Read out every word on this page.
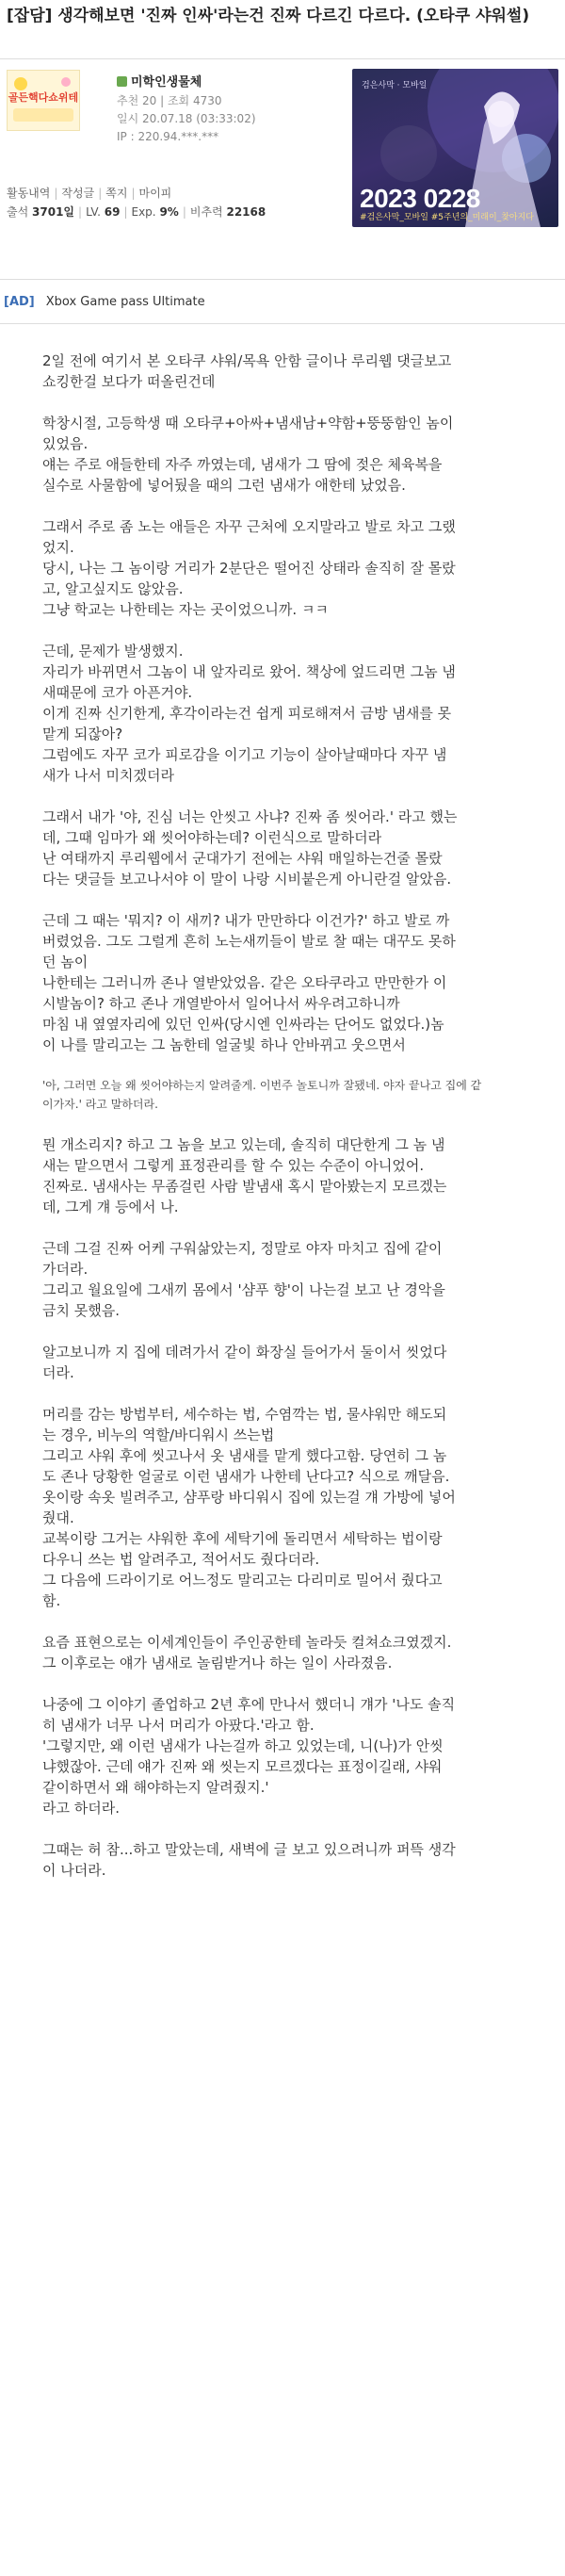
[잡담] 생각해보면 '진짜 인싸'라는건 진짜 다르긴 다르다. (오타쿠 샤워썰)
골든핵다쇼위테
미학인생물체
추천 20 | 조회 4730
일시 20.07.18 (03:33:02)
IP : 220.94.***.***
활동내역 | 작성글 | 쪽지 | 마이피
출석 3701일 | LV. 69 | Exp. 9% | 비추력 22168
검은사막 · 모바일
2023 0228
#검은사막_모바일 #5주년의_미래이_찾아지다
[AD] Xbox Game pass Ultimate

2일 전에 여기서 본 오타쿠 샤워/목욕 안함 글이나 루리웹 댓글보고
쇼킹한걸 보다가 떠올린건데

학창시절, 고등학생 때 오타쿠+아싸+냄새남+약함+뚱뚱함인 놈이
있었음.
얘는 주로 애들한테 자주 까였는데, 냄새가 그 땀에 젖은 체육복을
실수로 사물함에 넣어뒀을 때의 그런 냄새가 애한테 났었음.

그래서 주로 좀 노는 애들은 자꾸 근처에 오지말라고 발로 차고 그랬
었지.
당시, 나는 그 놈이랑 거리가 2분단은 떨어진 상태라 솔직히 잘 몰랐
고, 알고싶지도 않았음.
그냥 학교는 나한테는 자는 곳이었으니까. ㅋㅋ

근데, 문제가 발생했지.
자리가 바뀌면서 그놈이 내 앞자리로 왔어. 책상에 엎드리면 그놈 냄
새때문에 코가 아픈거야.
이게 진짜 신기한게, 후각이라는건 쉽게 피로해져서 금방 냄새를 못
맡게 되잖아?
그럼에도 자꾸 코가 피로감을 이기고 기능이 살아날때마다 자꾸 냄
새가 나서 미치겠더라

그래서 내가 '야, 진심 너는 안씻고 사냐? 진짜 좀 씻어라.' 라고 했는
데, 그때 임마가 왜 씻어야하는데? 이런식으로 말하더라
난 여태까지 루리웹에서 군대가기 전에는 샤워 매일하는건줄 몰랐
다는 댓글들 보고나서야 이 말이 나랑 시비붙은게 아니란걸 알았음.

근데 그 때는 '뭐지? 이 새끼? 내가 만만하다 이건가?' 하고 발로 까
버렸었음. 그도 그럴게 흔히 노는새끼들이 발로 찰 때는 대꾸도 못하
던 놈이
나한테는 그러니까 존나 열받았었음. 같은 오타쿠라고 만만한가 이
시발놈이? 하고 존나 개열받아서 일어나서 싸우려고하니까
마침 내 옆옆자리에 있던 인싸(당시엔 인싸라는 단어도 없었다.)놈
이 나를 말리고는 그 놈한테 얼굴빛 하나 안바뀌고 웃으면서

'아, 그러면 오늘 왜 씻어야하는지 알려줄게. 이번주 놀토니까 잘됐네. 야자 끝나고 집에 같
이가자.' 라고 말하더라.

뭔 개소리지? 하고 그 놈을 보고 있는데, 솔직히 대단한게 그 놈 냄
새는 맡으면서 그렇게 표정관리를 할 수 있는 수준이 아니었어.
진짜로. 냄새사는 무좀걸린 사람 발냄새 혹시 맡아봤는지 모르겠는
데, 그게 걔 등에서 나.

근데 그걸 진짜 어케 구워삶았는지, 정말로 야자 마치고 집에 같이
가더라.
그리고 월요일에 그새끼 몸에서 '샴푸 향'이 나는걸 보고 난 경악을
금치 못했음.

알고보니까 지 집에 데려가서 같이 화장실 들어가서 둘이서 씻었다
더라.

머리를 감는 방법부터, 세수하는 법, 수염깍는 법, 물샤워만 해도되
는 경우, 비누의 역할/바디워시 쓰는법
그리고 샤워 후에 씻고나서 옷 냄새를 맡게 했다고함. 당연히 그 놈
도 존나 당황한 얼굴로 이런 냄새가 나한테 난다고? 식으로 깨달음.
옷이랑 속옷 빌려주고, 샴푸랑 바디워시 집에 있는걸 걔 가방에 넣어
줬대.
교복이랑 그거는 샤워한 후에 세탁기에 돌리면서 세탁하는 법이랑
다우니 쓰는 법 알려주고, 적어서도 줬다더라.
그 다음에 드라이기로 어느정도 말리고는 다리미로 밀어서 줬다고
함.

요즘 표현으로는 이세계인들이 주인공한테 놀라듯 컬쳐쇼크였겠지.
그 이후로는 얘가 냄새로 놀림받거나 하는 일이 사라졌음.

나중에 그 이야기 졸업하고 2년 후에 만나서 했더니 걔가 '나도 솔직
히 냄새가 너무 나서 머리가 아팠다.'라고 함.
'그렇지만, 왜 이런 냄새가 나는걸까 하고 있었는데, 니(나)가 안씻
냐했잖아. 근데 얘가 진짜 왜 씻는지 모르겠다는 표정이길래, 샤워
같이하면서 왜 해야하는지 알려줬지.'
라고 하더라.

그때는 허 참...하고 말았는데, 새벽에 글 보고 있으려니까 퍼뜩 생각
이 나더라.
